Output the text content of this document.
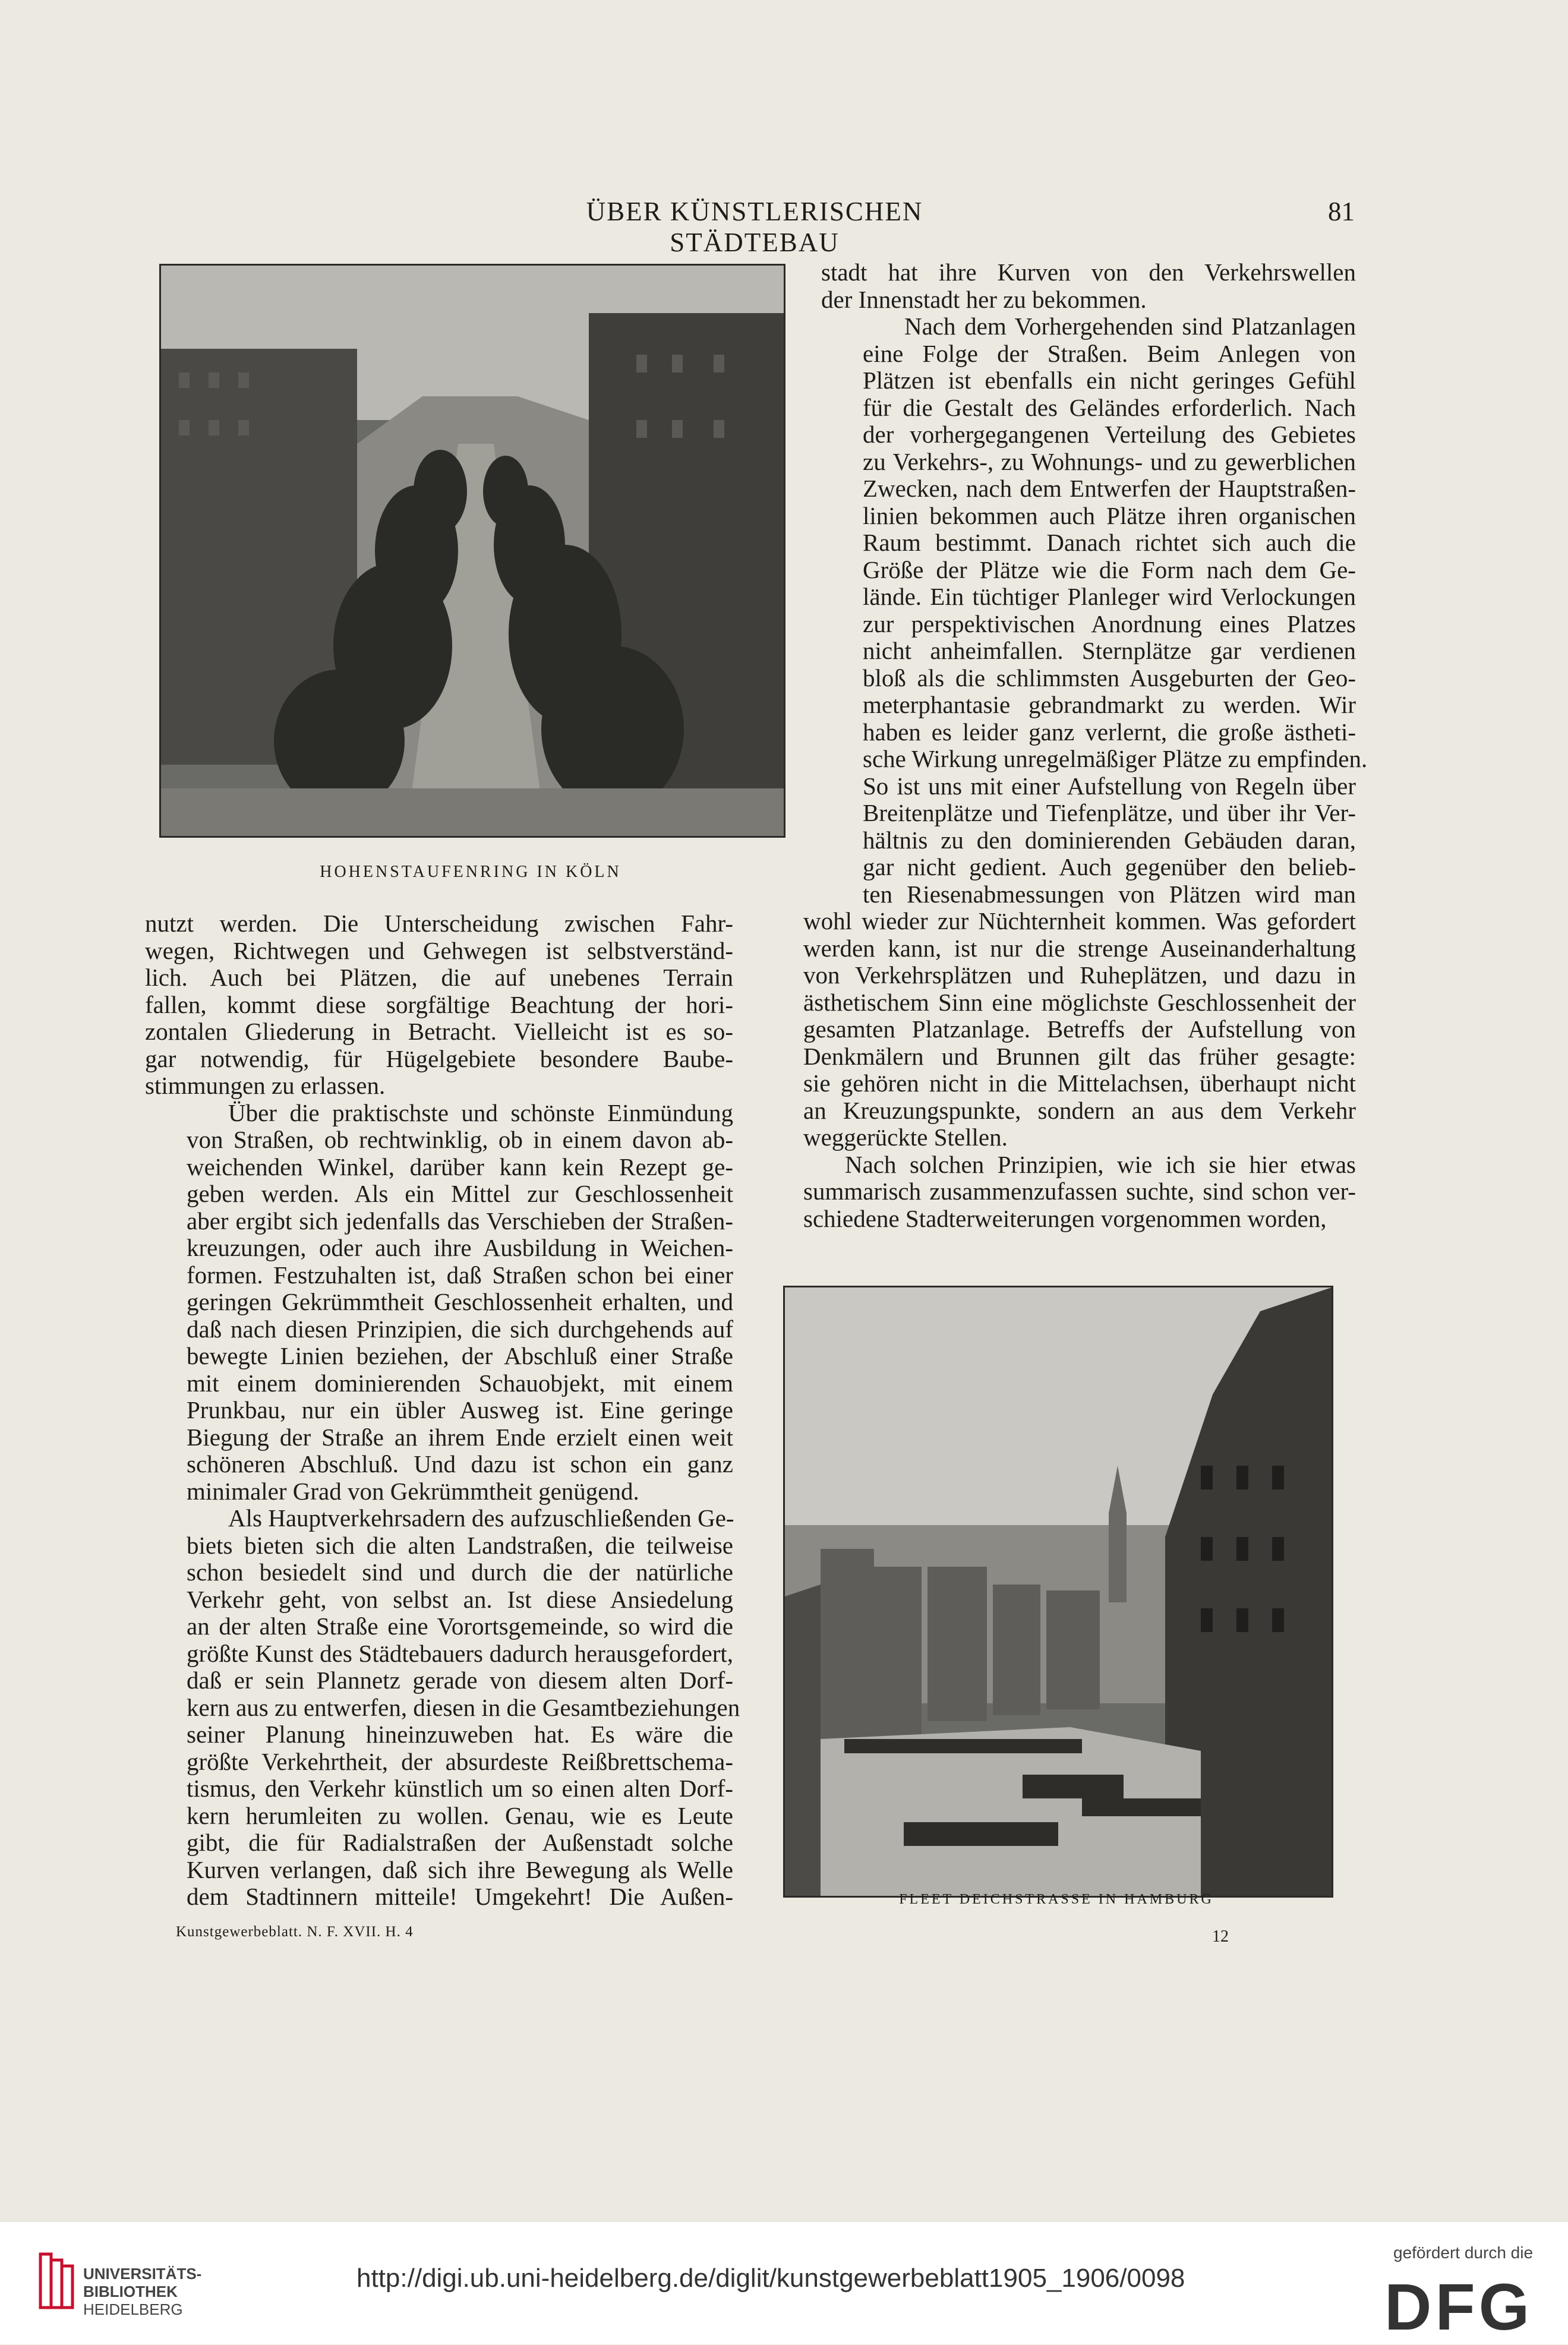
ÜBER KÜNSTLERISCHEN STÄDTEBAU
81
HOHENSTAUFENRING IN KÖLN

stadt hat ihre Kurven von den Verkehrswellen
der Innenstadt her zu bekommen.

Nach dem Vorhergehenden sind Platzanlagen
eine Folge der Straßen. Beim Anlegen von
Plätzen ist ebenfalls ein nicht geringes Gefühl
für die Gestalt des Geländes erforderlich. Nach
der vorhergegangenen Verteilung des Gebietes
zu Verkehrs-, zu Wohnungs- und zu gewerblichen
Zwecken, nach dem Entwerfen der Hauptstraßen-
linien bekommen auch Plätze ihren organischen
Raum bestimmt. Danach richtet sich auch die
Größe der Plätze wie die Form nach dem Ge-
lände. Ein tüchtiger Planleger wird Verlockungen
zur perspektivischen Anordnung eines Platzes
nicht anheimfallen. Sternplätze gar verdienen
bloß als die schlimmsten Ausgeburten der Geo-
meterphantasie gebrandmarkt zu werden. Wir
haben es leider ganz verlernt, die große ästheti-
sche Wirkung unregelmäßiger Plätze zu empfinden.
So ist uns mit einer Aufstellung von Regeln über
Breitenplätze und Tiefenplätze, und über ihr Ver-
hältnis zu den dominierenden Gebäuden daran,
gar nicht gedient. Auch gegenüber den belieb-
ten Riesenabmessungen von Plätzen wird man
wohl wieder zur Nüchternheit kommen. Was gefordert
werden kann, ist nur die strenge Auseinanderhaltung
von Verkehrsplätzen und Ruheplätzen, und dazu in
ästhetischem Sinn eine möglichste Geschlossenheit der
gesamten Platzanlage. Betreffs der Aufstellung von
Denkmälern und Brunnen gilt das früher gesagte:
sie gehören nicht in die Mittelachsen, überhaupt nicht
an Kreuzungspunkte, sondern an aus dem Verkehr
weggerückte Stellen.

Nach solchen Prinzipien, wie ich sie hier etwas
summarisch zusammenzufassen suchte, sind schon ver-
schiedene Stadterweiterungen vorgenommen worden,

nutzt werden. Die Unterscheidung zwischen Fahr-
wegen, Richtwegen und Gehwegen ist selbstverständ-
lich. Auch bei Plätzen, die auf unebenes Terrain
fallen, kommt diese sorgfältige Beachtung der hori-
zontalen Gliederung in Betracht. Vielleicht ist es so-
gar notwendig, für Hügelgebiete besondere Baube-
stimmungen zu erlassen.

Über die praktischste und schönste Einmündung
von Straßen, ob rechtwinklig, ob in einem davon ab-
weichenden Winkel, darüber kann kein Rezept ge-
geben werden. Als ein Mittel zur Geschlossenheit
aber ergibt sich jedenfalls das Verschieben der Straßen-
kreuzungen, oder auch ihre Ausbildung in Weichen-
formen. Festzuhalten ist, daß Straßen schon bei einer
geringen Gekrümmtheit Geschlossenheit erhalten, und
daß nach diesen Prinzipien, die sich durchgehends auf
bewegte Linien beziehen, der Abschluß einer Straße
mit einem dominierenden Schauobjekt, mit einem
Prunkbau, nur ein übler Ausweg ist. Eine geringe
Biegung der Straße an ihrem Ende erzielt einen weit
schöneren Abschluß. Und dazu ist schon ein ganz
minimaler Grad von Gekrümmtheit genügend.

Als Hauptverkehrsadern des aufzuschließenden Ge-
biets bieten sich die alten Landstraßen, die teilweise
schon besiedelt sind und durch die der natürliche
Verkehr geht, von selbst an. Ist diese Ansiedelung
an der alten Straße eine Vorortsgemeinde, so wird die
größte Kunst des Städtebauers dadurch herausgefordert,
daß er sein Plannetz gerade von diesem alten Dorf-
kern aus zu entwerfen, diesen in die Gesamtbeziehungen
seiner Planung hineinzuweben hat. Es wäre die
größte Verkehrtheit, der absurdeste Reißbrettschema-
tismus, den Verkehr künstlich um so einen alten Dorf-
kern herumleiten zu wollen. Genau, wie es Leute
gibt, die für Radialstraßen der Außenstadt solche
Kurven verlangen, daß sich ihre Bewegung als Welle
dem Stadtinnern mitteile! Umgekehrt! Die Außen-	FLEET DEICHSTRASSE IN HAMBURG
Kunstgewerbeblatt. N. F. XVII. H. 4	12
UNIVERSITÄTS-
BIBLIOTHEK
HEIDELBERG
http://digi.ub.uni-heidelberg.de/diglit/kunstgewerbeblatt1905_1906/0098
gefördert durch die
DFG
